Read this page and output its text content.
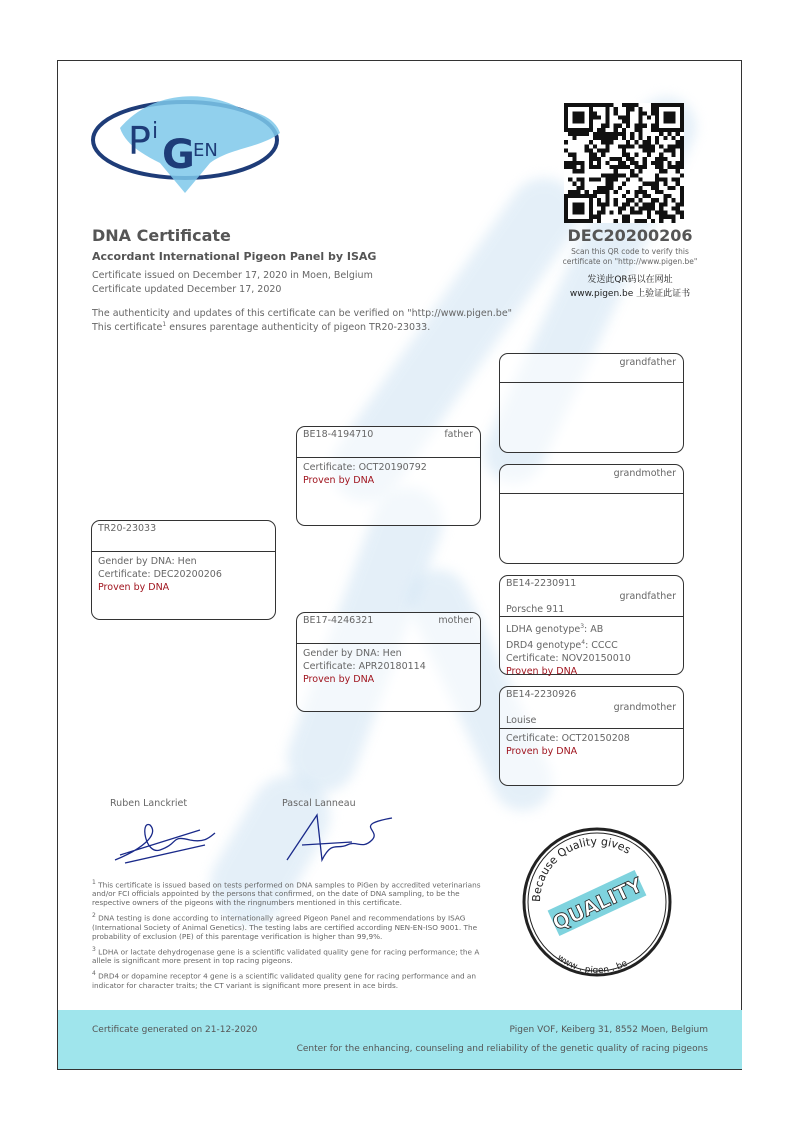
P i
G
EN
DEC20200206
Scan this QR code to verify this
certificate on "http://www.pigen.be"
发送此QR码以在网址
www.pigen.be 上验证此证书
DNA Certificate
Accordant International Pigeon Panel by ISAG
Certificate issued on December 17, 2020 in Moen, Belgium
Certificate updated December 17, 2020
The authenticity and updates of this certificate can be verified on "http://www.pigen.be"
This certificate$^1$ ensures parentage authenticity of pigeon TR20-23033.
TR20-23033
Gender by DNA: Hen
Certificate: DEC20200206
Proven by DNA
BE18-4194710	father
Certificate: OCT20190792
Proven by DNA
BE17-4246321	mother
Gender by DNA: Hen
Certificate: APR20180114
Proven by DNA
grandfather
grandmother
BE14-2230911
grandfather
Porsche 911
LDHA genotype$^3$: AB
DRD4 genotype$^4$: CCCC
Certificate: NOV20150010
Proven by DNA
BE14-2230926
grandmother
Louise
Certificate: OCT20150208
Proven by DNA
Ruben Lanckriet	Pascal Lanneau
Because Quality gives
QUALITY
www . pigen . be
$^1$ This certificate is issued based on tests performed on DNA samples to PiGen by accredited veterinarians and/or FCI officials appointed by the persons that confirmed, on the date of DNA sampling, to be the respective owners of the pigeons with the ringnumbers mentioned in this certificate.
$^2$ DNA testing is done according to internationally agreed Pigeon Panel and recommendations by ISAG (International Society of Animal Genetics). The testing labs are certified according NEN-EN-ISO 9001. The probability of exclusion (PE) of this parentage verification is higher than 99,9%.
$^3$ LDHA or lactate dehydrogenase gene is a scientific validated quality gene for racing performance; the A allele is significant more present in top racing pigeons.
$^4$ DRD4 or dopamine receptor 4 gene is a scientific validated quality gene for racing performance and an indicator for character traits; the CT variant is significant more present in ace birds.
Certificate generated on 21-12-2020	Pigen VOF, Keiberg 31, 8552 Moen, Belgium
Center for the enhancing, counseling and reliability of the genetic quality of racing pigeons
